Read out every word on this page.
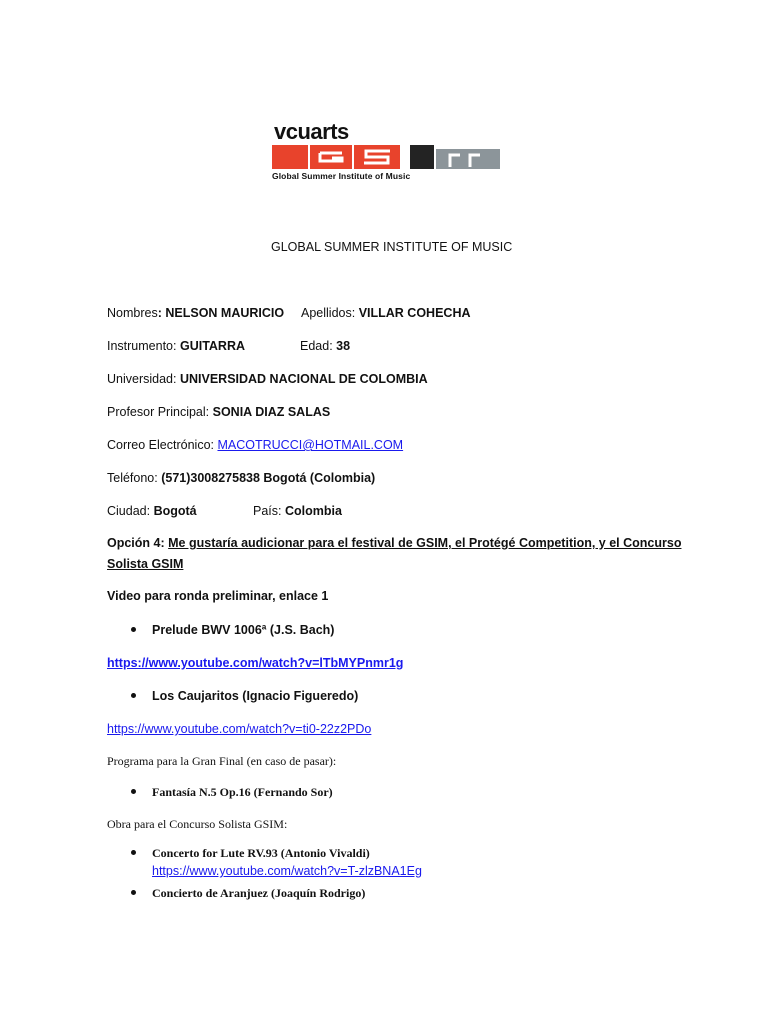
vcuarts
Global Summer Institute of Music
GLOBAL SUMMER INSTITUTE OF MUSIC
Nombres: NELSON MAURICIO Apellidos: VILLAR COHECHA
Instrumento: GUITARRA	Edad: 38
Universidad: UNIVERSIDAD NACIONAL DE COLOMBIA
Profesor Principal: SONIA DIAZ SALAS
Correo Electrónico: MACOTRUCCI@HOTMAIL.COM
Teléfono: (571)3008275838 Bogotá (Colombia)
Ciudad: Bogotá	País: Colombia
Opción 4: Me gustaría audicionar para el festival de GSIM, el Protégé Competition, y el Concurso
Solista GSIM
Video para ronda preliminar, enlace 1
Prelude BWV 1006ª (J.S. Bach)
https://www.youtube.com/watch?v=lTbMYPnmr1g
Los Caujaritos (Ignacio Figueredo)
https://www.youtube.com/watch?v=ti0-22z2PDo
Programa para la Gran Final (en caso de pasar):
Fantasía N.5 Op.16 (Fernando Sor)
Obra para el Concurso Solista GSIM:
Concerto for Lute RV.93 (Antonio Vivaldi)
https://www.youtube.com/watch?v=T-zlzBNA1Eg
Concierto de Aranjuez (Joaquín Rodrigo)
